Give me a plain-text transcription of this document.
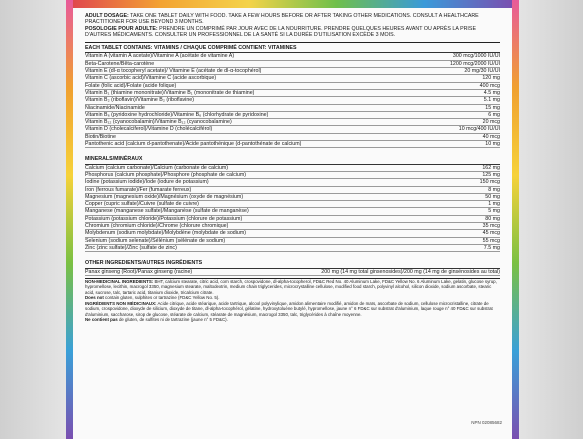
ADULT DOSAGE: TAKE ONE TABLET DAILY WITH FOOD. TAKE A FEW HOURS BEFORE OR AFTER TAKING OTHER MEDICATIONS. CONSULT A HEALTHCARE PRACTITIONER FOR USE BEYOND 3 MONTHS.
POSOLOGIE POUR ADULTE: PRENDRE UN COMPRIMÉ PAR JOUR AVEC DE LA NOURRITURE. PRENDRE QUELQUES HEURES AVANT OU APRÈS LA PRISE D'AUTRES MÉDICAMENTS. CONSULTER UN PROFESSIONNEL DE LA SANTÉ SI LA DURÉE D'UTILISATION EXCÈDE 3 MOIS.
EACH TABLET CONTAINS: VITAMINS / CHAQUE COMPRIMÉ CONTIENT: VITAMINES
Vitamin A (vitamin A acetate)/Vitamine A (acétate de vitamine A)	300 mcg/1000 IU/UI
Beta-Carotene/Bêta-carotène	1200 mcg/2000 IU/UI
Vitamin E (dl-α tocopheryl acetate)/ Vitamine E (acétate de dl-α-tocophérol)	20 mg/30 IU/UI
Vitamin C (ascorbic acid)/Vitamine C (acide ascorbique)	120 mg
Folate (folic acid)/Folate (acide folique)	400 mcg
Vitamin B₁ (thiamine mononitrate)/Vitamine B₁ (mononitrate de thiamine)	4.5 mg
Vitamin B₂ (riboflavin)/Vitamine B₂ (riboflavine)	5.1 mg
Niacinamide/Niacinamide	15 mg
Vitamin B₆ (pyridoxine hydrochloride)/Vitamine B₆ (chlorhydrate de pyridoxine)	6 mg
Vitamin B₁₂ (cyanocobalamin)/Vitamine B₁₂ (cyanocobalamine)	20 mcg
Vitamin D (cholecalciferol)/Vitamine D (cholécalciférol)	10 mcg/400 IU/UI
Biotin/Biotine	40 mcg
Pantothenic acid (calcium d-pantothenate)/Acide pantothénique (d-pantothénate de calcium)	10 mg
MINERALS/MINÉRAUX
Calcium (calcium carbonate)/Calcium (carbonate de calcium)	162 mg
Phosphorus (calcium phosphate)/Phosphore (phosphate de calcium)	125 mg
Iodine (potassium iodide)/Iode (iodure de potassium)	150 mcg
Iron (ferrous fumarate)/Fer (fumarate ferreux)	8 mg
Magnesium (magnesium oxide)/Magnésium (oxyde de magnésium)	50 mg
Copper (cupric sulfate)/Cuivre (sulfate de cuivre)	1 mg
Manganese (manganese sulfate)/Manganèse (sulfate de manganèse)	5 mg
Potassium (potassium chloride)/Potassium (chlorure de potassium)	80 mg
Chromium (chromium chloride)/Chrome (chlorure chromique)	35 mcg
Molybdenum (sodium molybdate)/Molybdène (molybdate de sodium)	45 mcg
Selenium (sodium selenate)/Sélénium (sélénate de sodium)	55 mcg
Zinc (zinc sulfate)/Zinc (sulfate de zinc)	7.5 mg
OTHER INGREDIENTS/AUTRES INGRÉDIENTS
Panax ginseng (Root)/Panax ginseng (racine)	200 mg (14 mg total ginsenosides)/200 mg (14 mg de ginsénosides au total)
NON-MEDICINAL INGREDIENTS: BHT, calcium stearate, citric acid, corn starch, crospovidone, dl-alpha-tocopherol, FD&C Red No. 40 Aluminum Lake, FD&C Yellow No. 6 Aluminum Lake, gelatin, glucose syrup, hypromellose, lecithin, macrogol 3350, magnesium stearate, maltodextrin, medium chain triglycerides, microcrystalline cellulose, modified food starch, polyvinyl alcohol, silicon dioxide, sodium ascorbate, stearic acid, sucrose, talc, tartaric acid, titanium dioxide, tricalcium citrate.
Does not contain gluten, sulphites or tartrazine (FD&C Yellow No. 5).
INGRÉDIENTS NON MÉDICINAUX: Acide citrique, acide stéarique, acide tartrique, alcool polyvinylique, amidon alimentaire modifié, amidon de maïs, ascorbate de sodium, cellulose microcristalline, citrate de sodium, crospovidone, dioxyde de silicium, dioxyde de titane, dl-alpha-tocophérol, gélatine, hydroxytoluène butylé, hypromellose, jaune n° 6 FD&C sur substrat d'aluminium, laque rouge n° 40 FD&C sur substrat d'aluminium, saccharose, sirop de glucose, stéarate de calcium, stéarate de magnésium, macrogol 3350, talc, triglycérides à chaîne moyenne.
Ne contient pas de gluten, de sulfites ni de tartrazine (jaune n° 5 FD&C).
NPN 02085682
